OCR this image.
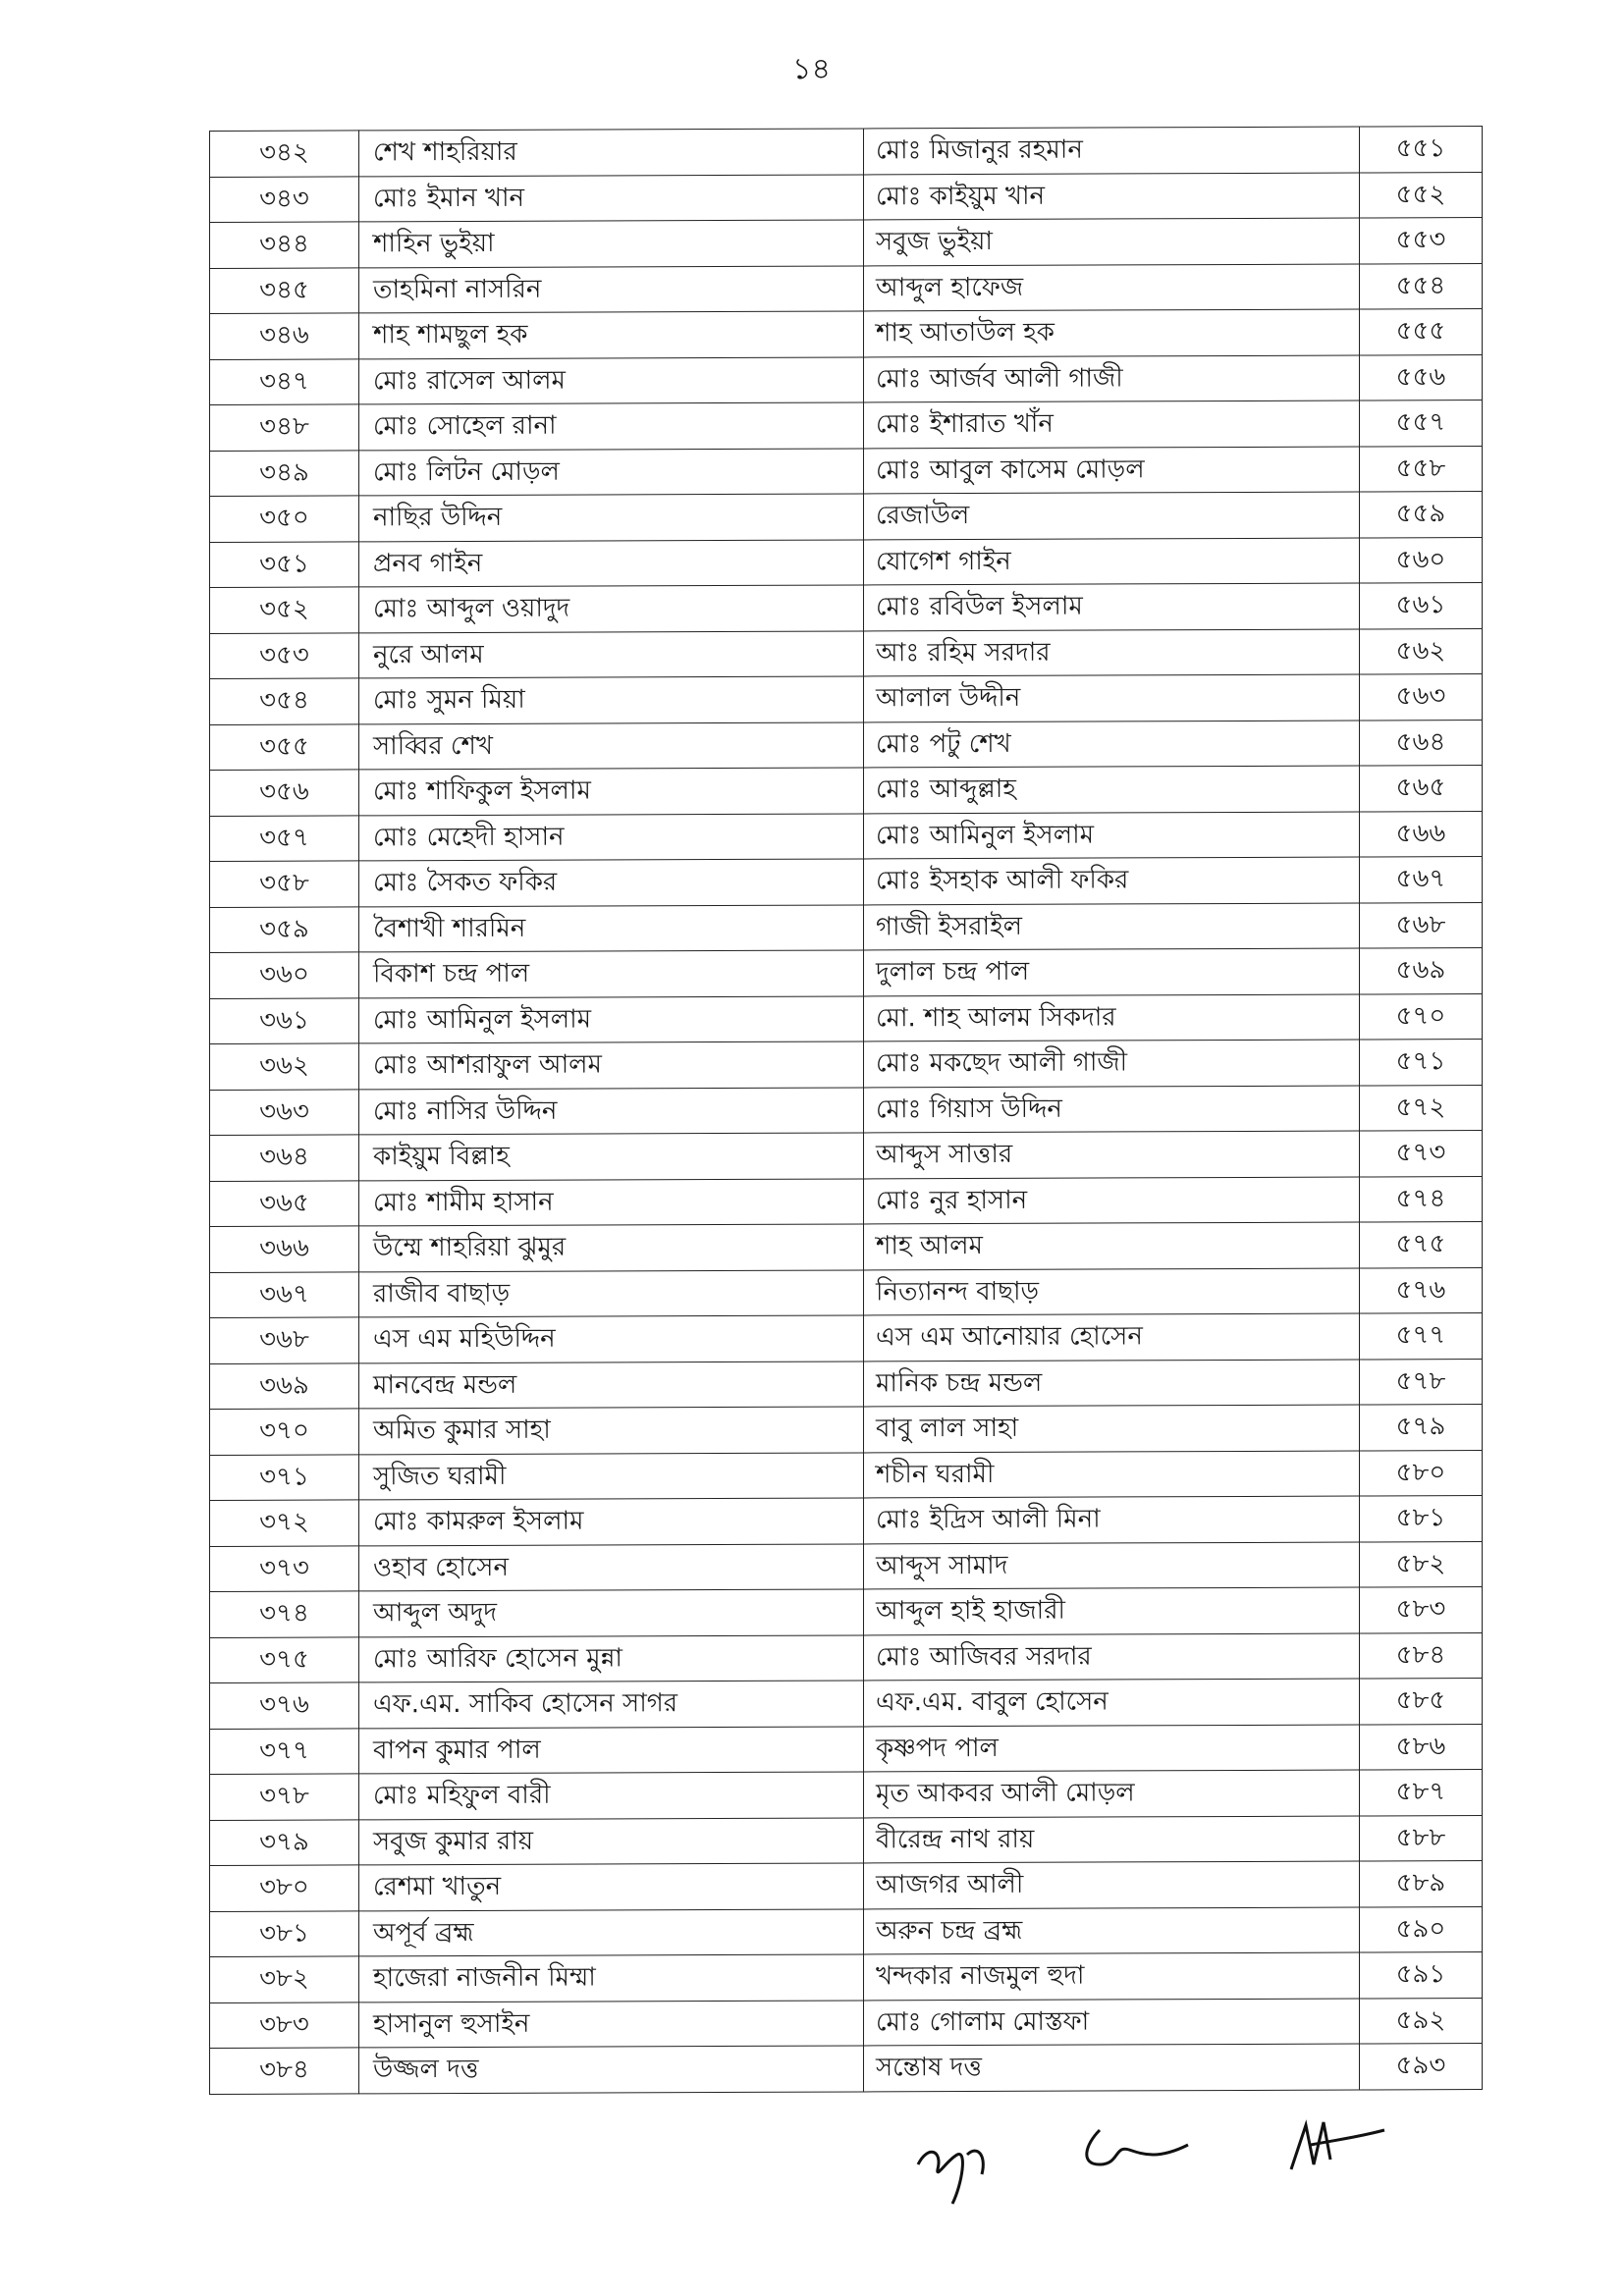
১৪
৩৪২	শেখ শাহরিয়ার	মোঃ মিজানুর রহমান	৫৫১
৩৪৩	মোঃ ইমান খান	মোঃ কাইয়ুম খান	৫৫২
৩৪৪	শাহিন ভুইয়া	সবুজ ভুইয়া	৫৫৩
৩৪৫	তাহমিনা নাসরিন	আব্দুল হাফেজ	৫৫৪
৩৪৬	শাহ শামছুল হক	শাহ আতাউল হক	৫৫৫
৩৪৭	মোঃ রাসেল আলম	মোঃ আর্জব আলী গাজী	৫৫৬
৩৪৮	মোঃ সোহেল রানা	মোঃ ইশারাত খাঁন	৫৫৭
৩৪৯	মোঃ লিটন মোড়ল	মোঃ আবুল কাসেম মোড়ল	৫৫৮
৩৫০	নাছির উদ্দিন	রেজাউল	৫৫৯
৩৫১	প্রনব গাইন	যোগেশ গাইন	৫৬০
৩৫২	মোঃ আব্দুল ওয়াদুদ	মোঃ রবিউল ইসলাম	৫৬১
৩৫৩	নুরে আলম	আঃ রহিম সরদার	৫৬২
৩৫৪	মোঃ সুমন মিয়া	আলাল উদ্দীন	৫৬৩
৩৫৫	সাব্বির শেখ	মোঃ পটু শেখ	৫৬৪
৩৫৬	মোঃ শাফিকুল ইসলাম	মোঃ আব্দুল্লাহ	৫৬৫
৩৫৭	মোঃ মেহেদী হাসান	মোঃ আমিনুল ইসলাম	৫৬৬
৩৫৮	মোঃ সৈকত ফকির	মোঃ ইসহাক আলী ফকির	৫৬৭
৩৫৯	বৈশাখী শারমিন	গাজী ইসরাইল	৫৬৮
৩৬০	বিকাশ চন্দ্র পাল	দুলাল চন্দ্র পাল	৫৬৯
৩৬১	মোঃ আমিনুল ইসলাম	মো. শাহ আলম সিকদার	৫৭০
৩৬২	মোঃ আশরাফুল আলম	মোঃ মকছেদ আলী গাজী	৫৭১
৩৬৩	মোঃ নাসির উদ্দিন	মোঃ গিয়াস উদ্দিন	৫৭২
৩৬৪	কাইয়ুম বিল্লাহ	আব্দুস সাত্তার	৫৭৩
৩৬৫	মোঃ শামীম হাসান	মোঃ নুর হাসান	৫৭৪
৩৬৬	উম্মে শাহরিয়া ঝুমুর	শাহ আলম	৫৭৫
৩৬৭	রাজীব বাছাড়	নিত্যানন্দ বাছাড়	৫৭৬
৩৬৮	এস এম মহিউদ্দিন	এস এম আনোয়ার হোসেন	৫৭৭
৩৬৯	মানবেন্দ্র মন্ডল	মানিক চন্দ্র মন্ডল	৫৭৮
৩৭০	অমিত কুমার সাহা	বাবু লাল সাহা	৫৭৯
৩৭১	সুজিত ঘরামী	শচীন ঘরামী	৫৮০
৩৭২	মোঃ কামরুল ইসলাম	মোঃ ইদ্রিস আলী মিনা	৫৮১
৩৭৩	ওহাব হোসেন	আব্দুস সামাদ	৫৮২
৩৭৪	আব্দুল অদুদ	আব্দুল হাই হাজারী	৫৮৩
৩৭৫	মোঃ আরিফ হোসেন মুন্না	মোঃ আজিবর সরদার	৫৮৪
৩৭৬	এফ.এম. সাকিব হোসেন সাগর	এফ.এম. বাবুল হোসেন	৫৮৫
৩৭৭	বাপন কুমার পাল	কৃষ্ণপদ পাল	৫৮৬
৩৭৮	মোঃ মহিফুল বারী	মৃত আকবর আলী মোড়ল	৫৮৭
৩৭৯	সবুজ কুমার রায়	বীরেন্দ্র নাথ রায়	৫৮৮
৩৮০	রেশমা খাতুন	আজগর আলী	৫৮৯
৩৮১	অপূর্ব ব্রহ্ম	অরুন চন্দ্র ব্রহ্ম	৫৯০
৩৮২	হাজেরা নাজনীন মিম্মা	খন্দকার নাজমুল হুদা	৫৯১
৩৮৩	হাসানুল হুসাইন	মোঃ গোলাম মোস্তফা	৫৯২
৩৮৪	উজ্জল দত্ত	সন্তোষ দত্ত	৫৯৩
